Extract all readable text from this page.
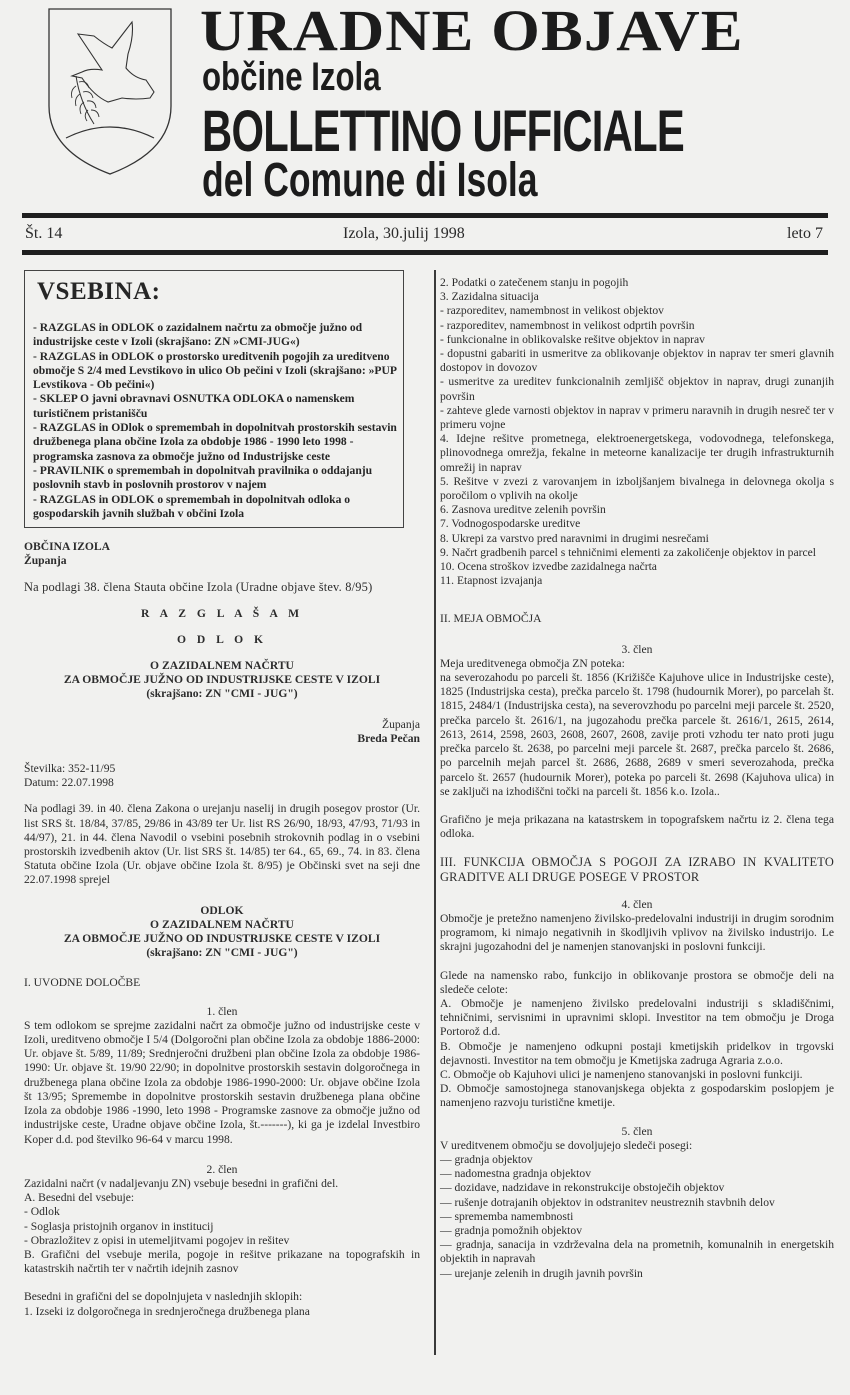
URADNE OBJAVE
občine Izola
BOLLETTINO UFFICIALE
del Comune di Isola
Št. 14	Izola, 30.julij 1998	leto 7
VSEBINA:
- RAZGLAS in ODLOK o zazidalnem načrtu za območje južno od industrijske ceste v Izoli (skrajšano: ZN »CMI-JUG«)
- RAZGLAS in ODLOK o prostorsko ureditvenih pogojih za ureditveno območje S 2/4 med Levstikovo in ulico Ob pečini v Izoli (skrajšano: »PUP Levstikova - Ob pečini«)
- SKLEP O javni obravnavi OSNUTKA ODLOKA o namenskem turističnem pristanišču
- RAZGLAS in ODlok o spremembah in dopolnitvah prostorskih sestavin družbenega plana občine Izola za obdobje 1986 - 1990 leto 1998 - programska zasnova za območje južno od Industrijske ceste
- PRAVILNIK o spremembah in dopolnitvah pravilnika o oddajanju poslovnih stavb in poslovnih prostorov v najem
- RAZGLAS in ODLOK o spremembah in dopolnitvah odloka o gospodarskih javnih službah v občini Izola

OBČINA IZOLA

Županja

Na podlagi 38. člena Stauta občine Izola (Uradne objave štev. 8/95)

R A Z G L A Š A M

O D L O K

O ZAZIDALNEM NAČRTU

ZA OBMOČJE JUŽNO OD INDUSTRIJSKE CESTE V IZOLI

(skrajšano: ZN "CMI - JUG")

Županja

Breda Pečan

Številka: 352-11/95

Datum: 22.07.1998

Na podlagi 39. in 40. člena Zakona o urejanju naselij in drugih posegov prostor (Ur. list SRS št. 18/84, 37/85, 29/86 in 43/89 ter Ur. list RS 26/90, 18/93, 47/93, 71/93 in 44/97), 21. in 44. člena Navodil o vsebini posebnih strokovnih podlag in o vsebini prostorskih izvedbenih aktov (Ur. list SRS št. 14/85) ter 64., 65, 69., 74. in 83. člena Statuta občine Izola (Ur. objave občine Izola št. 8/95) je Občinski svet na seji dne 22.07.1998 sprejel

ODLOK

O ZAZIDALNEM NAČRTU

ZA OBMOČJE JUŽNO OD INDUSTRIJSKE CESTE V IZOLI

(skrajšano: ZN "CMI - JUG")

I. UVODNE DOLOČBE

1. člen

S tem odlokom se sprejme zazidalni načrt za območje južno od industrijske ceste v Izoli, ureditveno območje I 5/4 (Dolgoročni plan občine Izola za obdobje 1886-2000: Ur. objave št. 5/89, 11/89; Srednjeročni družbeni plan občine Izola za obdobje 1986-1990: Ur. objave št. 19/90 22/90; in dopolnitve prostorskih sestavin dolgoročnega in družbenega plana občine Izola za obdobje 1986-1990-2000: Ur. objave občine Izola št 13/95; Spremembe in dopolnitve prostorskih sestavin družbenega plana občine Izola za obdobje 1986 -1990, leto 1998 - Programske zasnove za območje južno od industrijske ceste, Uradne objave občine Izola, št.-------), ki ga je izdelal Investbiro Koper d.d. pod številko 96-64 v marcu 1998.

2. člen

Zazidalni načrt (v nadaljevanju ZN) vsebuje besedni in grafični del.

A. Besedni del vsebuje:

- Odlok

- Soglasja pristojnih organov in institucij

- Obrazložitev z opisi in utemeljitvami pogojev in rešitev

B. Grafični del vsebuje merila, pogoje in rešitve prikazane na topografskih in katastrskih načrtih ter v načrtih idejnih zasnov

Besedni in grafični del se dopolnjujeta v naslednjih sklopih:

1. Izseki iz dolgoročnega in srednjeročnega družbenega plana

2. Podatki o zatečenem stanju in pogojih

3. Zazidalna situacija

- razporeditev, namembnost in velikost objektov

- razporeditev, namembnost in velikost odprtih površin

- funkcionalne in oblikovalske rešitve objektov in naprav

- dopustni gabariti in usmeritve za oblikovanje objektov in naprav ter smeri glavnih dostopov in dovozov

- usmeritve za ureditev funkcionalnih zemljišč objektov in naprav, drugi zunanjih površin

- zahteve glede varnosti objektov in naprav v primeru naravnih in drugih nesreč ter v primeru vojne

4. Idejne rešitve prometnega, elektroenergetskega, vodovodnega, telefonskega, plinovodnega omrežja, fekalne in meteorne kanalizacije ter drugih infrastrukturnih omrežij in naprav

5. Rešitve v zvezi z varovanjem in izboljšanjem bivalnega in delovnega okolja s poročilom o vplivih na okolje

6. Zasnova ureditve zelenih površin

7. Vodnogospodarske ureditve

8. Ukrepi za varstvo pred naravnimi in drugimi nesrečami

9. Načrt gradbenih parcel s tehničnimi elementi za zakoličenje objektov in parcel

10. Ocena stroškov izvedbe zazidalnega načrta

11. Etapnost izvajanja

II. MEJA OBMOČJA

3. člen

Meja ureditvenega območja ZN poteka:

na severozahodu po parceli št. 1856 (Križišče Kajuhove ulice in Industrijske ceste), 1825 (Industrijska cesta), prečka parcelo št. 1798 (hudournik Morer), po parcelah št. 1815, 2484/1 (Industrijska cesta), na severovzhodu po parcelni meji parcele št. 2520, prečka parcelo št. 2616/1, na jugozahodu prečka parcele št. 2616/1, 2615, 2614, 2613, 2614, 2598, 2603, 2608, 2607, 2608, zavije proti vzhodu ter nato proti jugu prečka parcelo št. 2638, po parcelni meji parcele št. 2687, prečka parcelo št. 2686, po parcelnih mejah parcel št. 2686, 2688, 2689 v smeri severozahoda, prečka parcelo št. 2657 (hudournik Morer), poteka po parceli št. 2698 (Kajuhova ulica) in se zaključi na izhodiščni točki na parceli št. 1856 k.o. Izola..

Grafično je meja prikazana na katastrskem in topografskem načrtu iz 2. člena tega odloka.

III. FUNKCIJA OBMOČJA S POGOJI ZA IZRABO IN KVALITETO GRADITVE ALI DRUGE POSEGE V PROSTOR

4. člen

Območje je pretežno namenjeno živilsko-predelovalni industriji in drugim sorodnim programom, ki nimajo negativnih in škodljivih vplivov na živilsko industrijo. Le skrajni jugozahodni del je namenjen stanovanjski in poslovni funkciji.

Glede na namensko rabo, funkcijo in oblikovanje prostora se območje deli na sledeče celote:

A. Območje je namenjeno živilsko predelovalni industriji s skladiščnimi, tehničnimi, servisnimi in upravnimi sklopi. Investitor na tem območju je Droga Portorož d.d.

B. Območje je namenjeno odkupni postaji kmetijskih pridelkov in trgovski dejavnosti. Investitor na tem območju je Kmetijska zadruga Agraria z.o.o.

C. Območje ob Kajuhovi ulici je namenjeno stanovanjski in poslovni funkciji.

D. Območje samostojnega stanovanjskega objekta z gospodarskim poslopjem je namenjeno razvoju turistične kmetije.

5. člen

V ureditvenem območju se dovoljujejo sledeči posegi:

— gradnja objektov

— nadomestna gradnja objektov

— dozidave, nadzidave in rekonstrukcije obstoječih objektov

— rušenje dotrajanih objektov in odstranitev neustreznih stavbnih delov

— sprememba namembnosti

— gradnja pomožnih objektov

— gradnja, sanacija in vzdrževalna dela na prometnih, komunalnih in energetskih objektih in napravah

— urejanje zelenih in drugih javnih površin
